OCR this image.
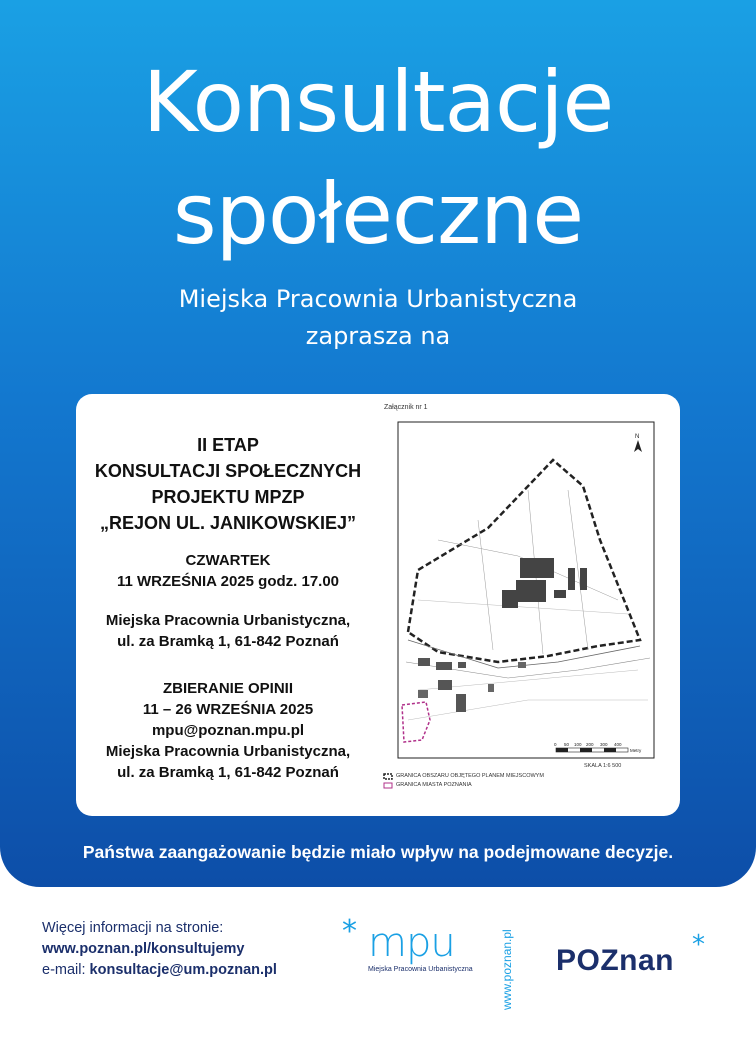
Konsultacje
społeczne
Miejska Pracownia Urbanistyczna
zaprasza na
II ETAP
KONSULTACJI SPOŁECZNYCH
PROJEKTU MPZP
„REJON UL. JANIKOWSKIEJ”
CZWARTEK
11 WRZEŚNIA 2025 godz. 17.00
Miejska Pracownia Urbanistyczna,
ul. za Bramką 1, 61-842 Poznań
ZBIERANIE OPINII
11 – 26 WRZEŚNIA 2025
mpu@poznan.mpu.pl
Miejska Pracownia Urbanistyczna,
ul. za Bramką 1, 61-842 Poznań
Załącznik nr 1
N
0 50 100 200 300 400
Metry
SKALA 1:6 500
GRANICA OBSZARU OBJĘTEGO PLANEM MIEJSCOWYM
GRANICA MIASTA POZNANIA
Państwa zaangażowanie będzie miało wpływ na podejmowane decyzje.
Więcej informacji na stronie:
www.poznan.pl/konsultujemy
e-mail: konsultacje@um.poznan.pl
* mpu
Miejska Pracownia Urbanistyczna www.poznan.pl POZnan *
